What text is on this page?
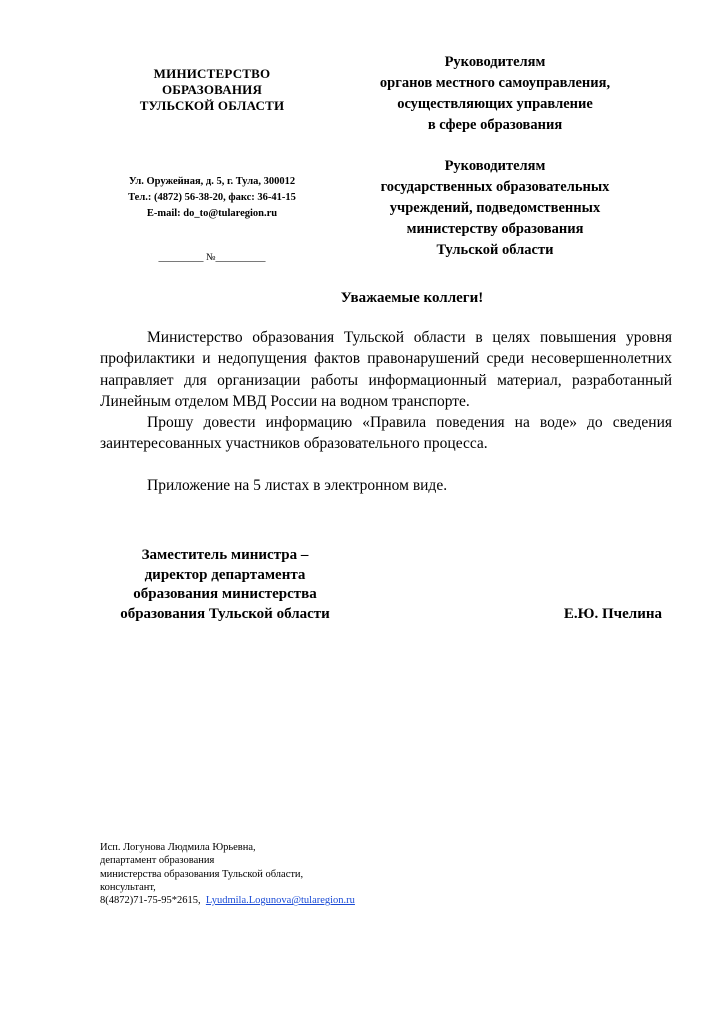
МИНИСТЕРСТВО
ОБРАЗОВАНИЯ
ТУЛЬСКОЙ ОБЛАСТИ
Ул. Оружейная, д. 5, г. Тула, 300012
Тел.: (4872) 56-38-20, факс: 36-41-15
E-mail: do_to@tularegion.ru
_________ №__________
Руководителям
органов местного самоуправления,
осуществляющих управление
в сфере образования
Руководителям
государственных образовательных
учреждений, подведомственных
министерству образования
Тульской области
Уважаемые коллеги!

Министерство образования Тульской области в целях повышения уровня профилактики и недопущения фактов правонарушений среди несовершеннолетних направляет для организации работы информационный материал, разработанный Линейным отделом МВД России на водном транспорте.

Прошу довести информацию «Правила поведения на воде» до сведения заинтересованных участников образовательного процесса.

Приложение на 5 листах в электронном виде.

Заместитель министра –
директор департамента
образования министерства
образования Тульской области	Е.Ю. Пчелина
Исп. Логунова Людмила Юрьевна,
департамент образования
министерства образования Тульской области,
консультант,
8(4872)71-75-95*2615, Lyudmila.Logunova@tularegion.ru
